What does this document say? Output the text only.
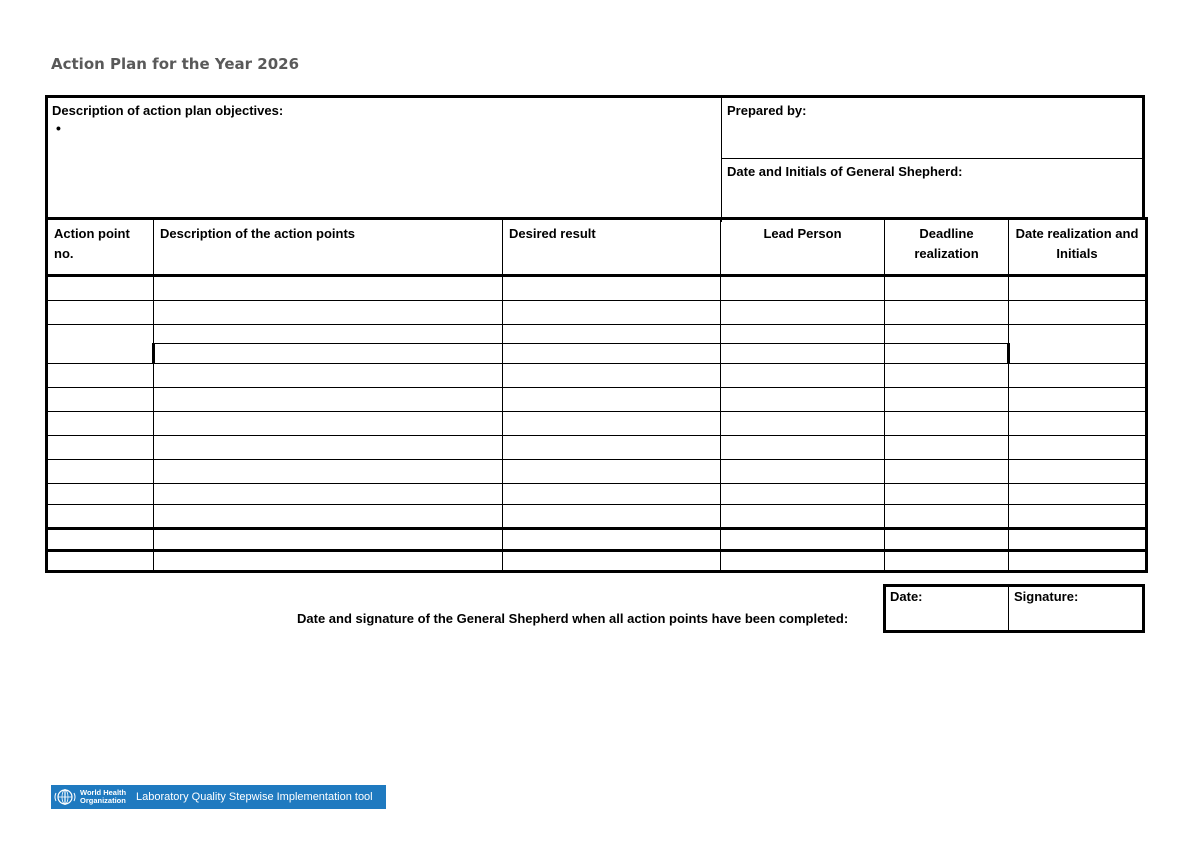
Action Plan for the Year 2026
Description of action plan objectives:
•
Prepared by:
Date and Initials of General Shepherd:
Action point no.	Description of the action points	Desired result	Lead Person	Deadline realization	Date realization and Initials

Date and signature of the General Shepherd when all action points have been completed:
Date:	Signature:
World Health
Organization Laboratory Quality Stepwise Implementation tool
